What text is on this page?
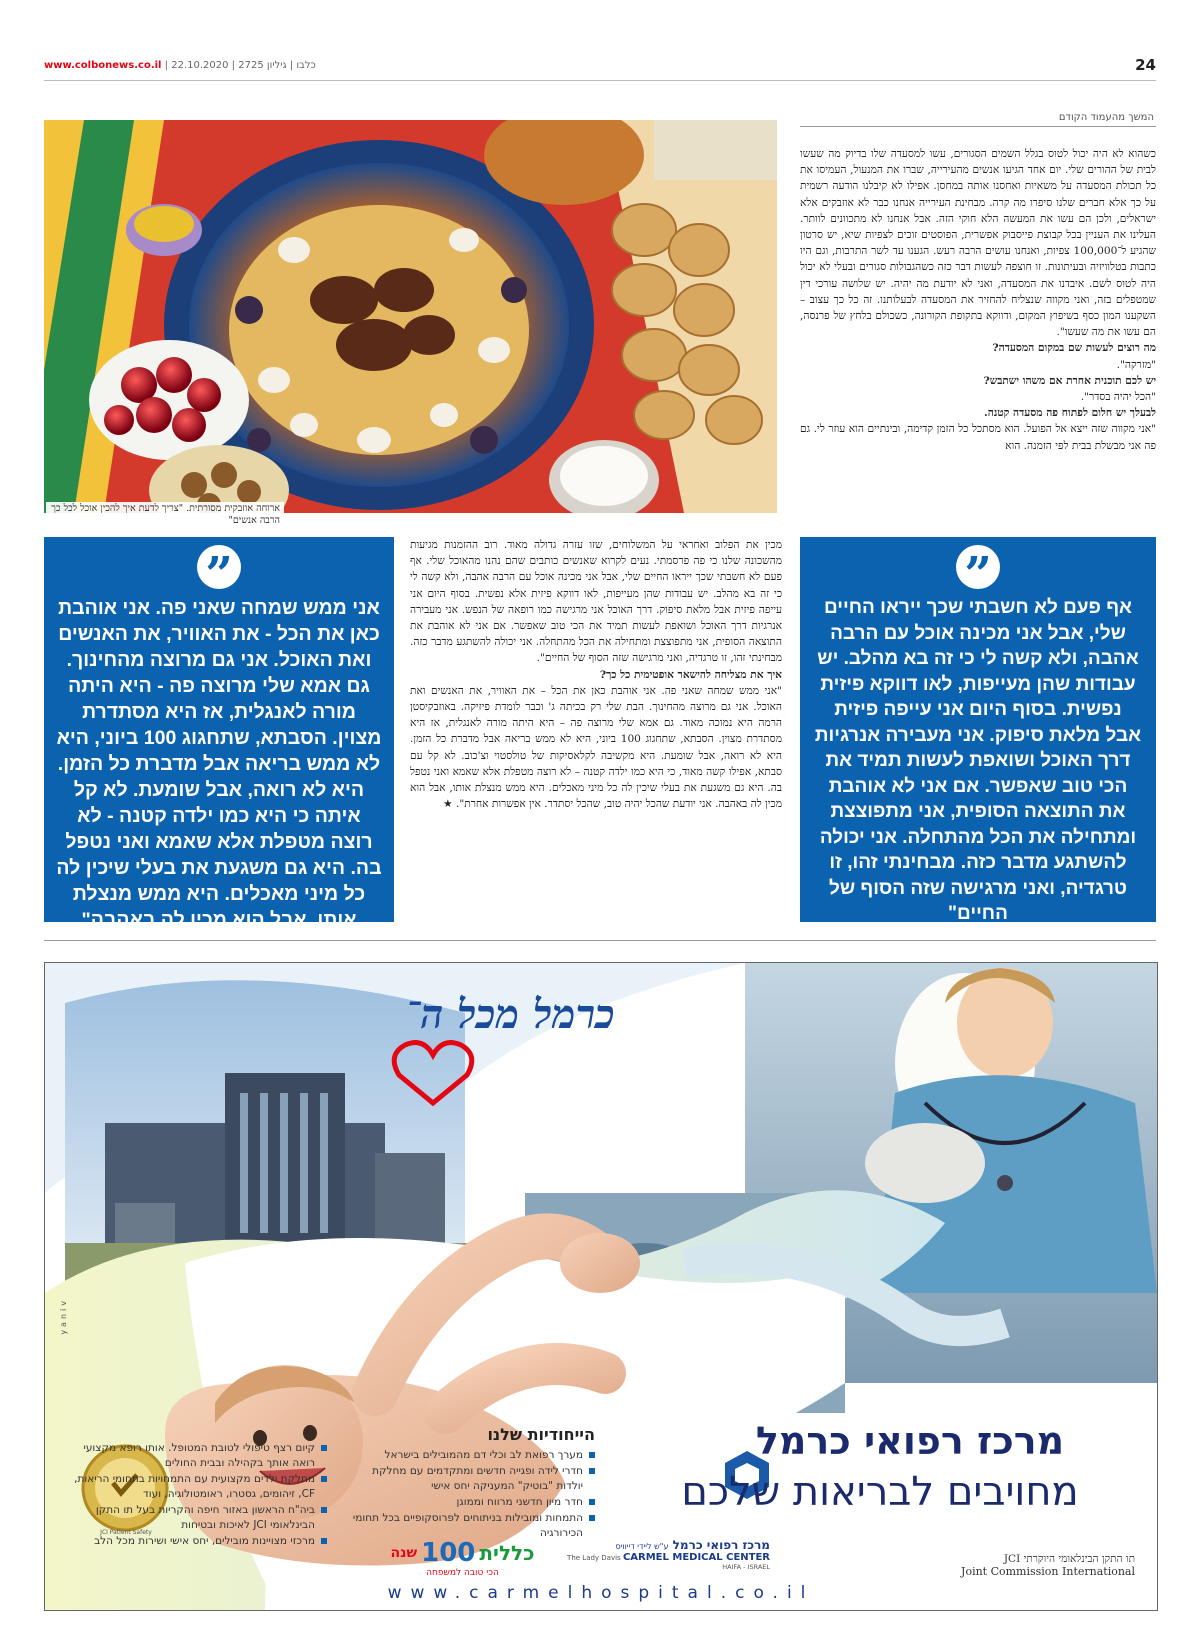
www.colbonews.co.il | כלבו | גיליון 2725 | 22.10.2020	24
המשך מהעמוד הקודם
ארוחה אוזבקית מסורתית. "צריך לדעת איך להכין אוכל לכל כך הרבה אנשים"

כשהוא לא היה יכול לטוס בגלל השמים הסגורים, עשו למסעדה שלו בדיוק מה שעשו לבית של ההורים שלי. יום אחד הגיעו אנשים מהעירייה, שברו את המנעול, העמיסו את כל תכולת המסעדה על משאיות ואחסנו אותה במחסן. אפילו לא קיבלנו הודעה רשמית על כך אלא חברים שלנו סיפרו מה קרה. מבחינת העירייה אנחנו כבר לא אוזבקים אלא ישראלים, ולכן הם עשו את המעשה הלא חוקי הזה. אבל אנחנו לא מתכוונים לוותר. העלינו את העניין בכל קבוצת פייסבוק אפשרית, הפוסטים זוכים לצפיות שיא, יש סרטון שהגיע ל־100,000 צפיות, ואנחנו עושים הרבה רעש. הגענו עד לשר התרבות, וגם היו כתבות בטלוויזיה ובעיתונות. זו חוצפה לעשות דבר כזה כשהגבולות סגורים ובעלי לא יכול היה לטוס לשם. איבדנו את המסעדה, ואני לא יודעת מה יהיה. יש שלושה עורכי דין שמטפלים בזה, ואני מקווה שנצליח להחזיר את המסעדה לבעלותנו. זה כל כך עצוב – השקענו המון כסף בשיפוץ המקום, ודווקא בתקופת הקורונה, כשכולם בלחץ של פרנסה, הם עשו את מה שעשו".

מה רוצים לעשות שם במקום המסעדה?

"מזרקה".

יש לכם תוכנית אחרת אם משהו ישתבש?

"הכל יהיה בסדר".

לבעלך יש חלום לפתוח פה מסעדה קטנה.

"אני מקווה שזה ייצא אל הפועל. הוא מסתכל כל הזמן קדימה, ובינתיים הוא עוזר לי. גם פה אני מבשלת בבית לפי הזמנה. הוא

”
אף פעם לא חשבתי שכך ייראו החיים שלי, אבל אני מכינה אוכל עם הרבה אהבה, ולא קשה לי כי זה בא מהלב. יש עבודות שהן מעייפות, לאו דווקא פיזית נפשית. בסוף היום אני עייפה פיזית אבל מלאת סיפוק. אני מעבירה אנרגיות דרך האוכל ושואפת לעשות תמיד את הכי טוב שאפשר. אם אני לא אוהבת את התוצאה הסופית, אני מתפוצצת ומתחילה את הכל מהתחלה. אני יכולה להשתגע מדבר כזה. מבחינתי זהו, זו טרגדיה, ואני מרגישה שזה הסוף של החיים"

מכין את הפלוב ואחראי על המשלוחים, שזו עזרה גדולה מאוד. רוב ההזמנות מגיעות מהשכונה שלנו כי פה פרסמתי. נעים לקרוא שאנשים כותבים שהם נהנו מהאוכל שלי. אף פעם לא חשבתי שכך ייראו החיים שלי, אבל אני מכינה אוכל עם הרבה אהבה, ולא קשה לי כי זה בא מהלב. יש עבודות שהן מעייפות, לאו דווקא פיזית אלא נפשית. בסוף היום אני עייפה פיזית אבל מלאת סיפוק. דרך האוכל אני מרגישה כמו רופאה של הנפש. אני מעבירה אנרגיות דרך האוכל ושואפת לעשות תמיד את הכי טוב שאפשר. אם אני לא אוהבת את התוצאה הסופית, אני מתפוצצת ומתחילה את הכל מהתחלה. אני יכולה להשתגע מדבר כזה. מבחינתי זהו, זו טרגדיה, ואני מרגישה שזה הסוף של החיים".

איך את מצליחה להישאר אופטימית כל כך?

"אני ממש שמחה שאני פה. אני אוהבת כאן את הכל – את האוויר, את האנשים ואת האוכל. אני גם מרוצה מהחינוך. הבת שלי רק בכיתה ג' וכבר לומדת פיזיקה. באוזבקיסטן הרמה היא נמוכה מאוד. גם אמא שלי מרוצה פה – היא היתה מורה לאנגלית, אז היא מסתדרת מצוין. הסבתא, שתחגוג 100 ביוני, היא לא ממש בריאה אבל מדברת כל הזמן. היא לא רואה, אבל שומעת. היא מקשיבה לקלאסיקות של טולסטוי וצ'כוב. לא קל עם סבתא, אפילו קשה מאוד, כי היא כמו ילדה קטנה – לא רוצה מטפלת אלא שאמא ואני נטפל בה. היא גם משגעת את בעלי שיכין לה כל מיני מאכלים. היא ממש מנצלת אותו, אבל הוא מכין לה באהבה. אני יודעת שהכל יהיה טוב, שהכל יסתדר. אין אפשרות אחרת". ★

”
אני ממש שמחה שאני פה. אני אוהבת כאן את הכל - את האוויר, את האנשים ואת האוכל. אני גם מרוצה מהחינוך. גם אמא שלי מרוצה פה - היא היתה מורה לאנגלית, אז היא מסתדרת מצוין. הסבתא, שתחגוג 100 ביוני, היא לא ממש בריאה אבל מדברת כל הזמן. היא לא רואה, אבל שומעת. לא קל איתה כי היא כמו ילדה קטנה - לא רוצה מטפלת אלא שאמא ואני נטפל בה. היא גם משגעת את בעלי שיכין לה כל מיני מאכלים. היא ממש מנצלת אותו, אבל הוא מכין לה באהבה"
כרמל מכל ה־
yaniv
מרכז רפואי כרמל
מחויבים לבריאות שלכם
הייחודיות שלנו
מערך רפואת לב וכלי דם מהמובילים בישראל
חדרי לידה ופגייה חדשים ומתקדמים עם מחלקת יולדות "בוטיק" המעניקה יחס אישי
חדר מיון חדשני מרווח וממוגן
התמחות ומובילות בניתוחים לפרוסקופיים בכל תחומי הכירורגיה
קיום רצף טיפולי לטובת המטופל. אותו רופא מקצועי רואה אותך בקהילה ובבית החולים
מחלקת ילדים מקצועית עם התמחויות בתחומי הריאות, CF, זיהומים, גסטרו, ראומטולוגיה, ועוד
ביה"ח הראשון באזור חיפה והקריות בעל תו התקן הבינלאומי JCI לאיכות ובטיחות
מרכזי מצויינות מובילים, יחס אישי ושירות מכל הלב	מרכז רפואי כרמל ע"ש ליידי דייוויס
The Lady Davis CARMEL MEDICAL CENTER
HAIFA - ISRAEL
כללית
100
שנה
הכי טובה למשפחה
תו התקן הבינלאומי היוקרתי JCI
Joint Commission International
JCI Patient Safety
www.carmelhospital.co.il
